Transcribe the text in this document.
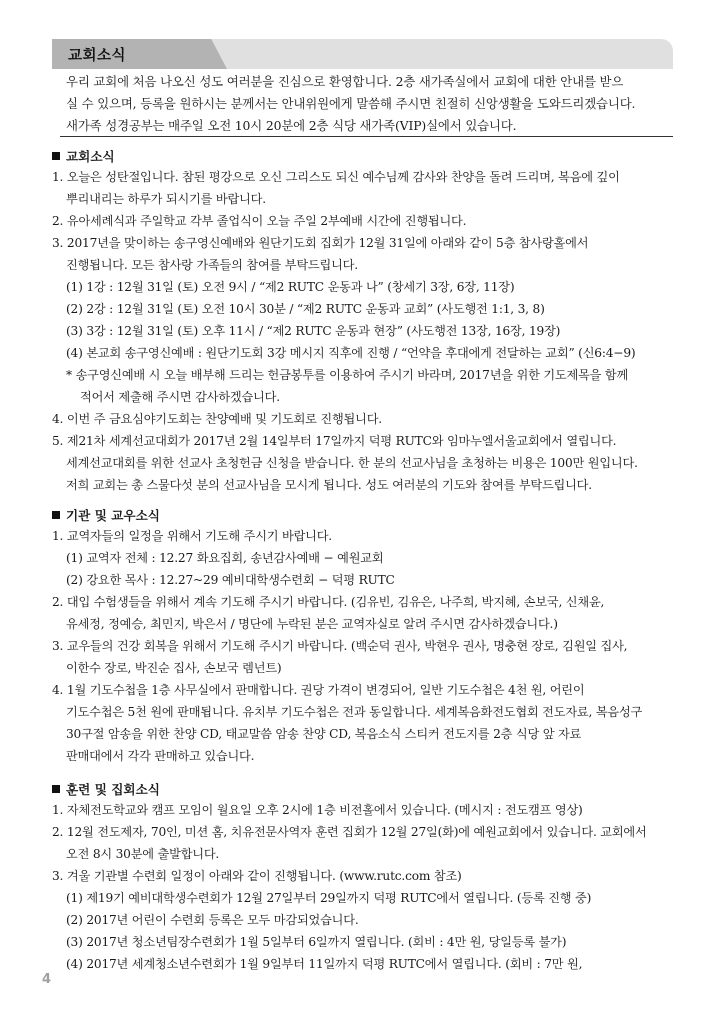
교회소식
우리 교회에 처음 나오신 성도 여러분을 진심으로 환영합니다. 2층 새가족실에서 교회에 대한 안내를 받으
실 수 있으며, 등록을 원하시는 분께서는 안내위원에게 말씀해 주시면 친절히 신앙생활을 도와드리겠습니다.
새가족 성경공부는 매주일 오전 10시 20분에 2층 식당 새가족(VIP)실에서 있습니다.
교회소식
1. 오늘은 성탄절입니다. 참된 평강으로 오신 그리스도 되신 예수님께 감사와 찬양을 돌려 드리며, 복음에 깊이
뿌리내리는 하루가 되시기를 바랍니다.
2. 유아세례식과 주일학교 각부 졸업식이 오늘 주일 2부예배 시간에 진행됩니다.
3. 2017년을 맞이하는 송구영신예배와 원단기도회 집회가 12월 31일에 아래와 같이 5층 참사랑홀에서
진행됩니다. 모든 참사랑 가족들의 참여를 부탁드립니다.
(1) 1강 : 12월 31일 (토) 오전 9시 / “제2 RUTC 운동과 나” (창세기 3장, 6장, 11장)
(2) 2강 : 12월 31일 (토) 오전 10시 30분 / “제2 RUTC 운동과 교회” (사도행전 1:1, 3, 8)
(3) 3강 : 12월 31일 (토) 오후 11시 / “제2 RUTC 운동과 현장” (사도행전 13장, 16장, 19장)
(4) 본교회 송구영신예배 : 원단기도회 3강 메시지 직후에 진행 / “언약을 후대에게 전달하는 교회” (신6:4−9)
* 송구영신예배 시 오늘 배부해 드리는 헌금봉투를 이용하여 주시기 바라며, 2017년을 위한 기도제목을 함께
적어서 제출해 주시면 감사하겠습니다.
4. 이번 주 금요심야기도회는 찬양예배 및 기도회로 진행됩니다.
5. 제21차 세계선교대회가 2017년 2월 14일부터 17일까지 덕평 RUTC와 임마누엘서울교회에서 열립니다.
세계선교대회를 위한 선교사 초청헌금 신청을 받습니다. 한 분의 선교사님을 초청하는 비용은 100만 원입니다.
저희 교회는 총 스물다섯 분의 선교사님을 모시게 됩니다. 성도 여러분의 기도와 참여를 부탁드립니다.
기관 및 교우소식
1. 교역자들의 일정을 위해서 기도해 주시기 바랍니다.
(1) 교역자 전체 : 12.27 화요집회, 송년감사예배 − 예원교회
(2) 강요한 목사 : 12.27~29 예비대학생수련회 − 덕평 RUTC
2. 대입 수험생들을 위해서 계속 기도해 주시기 바랍니다. (김유빈, 김유은, 나주희, 박지혜, 손보국, 신채윤,
유세정, 정예승, 최민지, 박은서 / 명단에 누락된 분은 교역자실로 알려 주시면 감사하겠습니다.)
3. 교우들의 건강 회복을 위해서 기도해 주시기 바랍니다. (백순덕 권사, 박현우 권사, 명충현 장로, 김원일 집사,
이한수 장로, 박진순 집사, 손보국 렘넌트)
4. 1월 기도수첩을 1층 사무실에서 판매합니다. 권당 가격이 변경되어, 일반 기도수첩은 4천 원, 어린이
기도수첩은 5천 원에 판매됩니다. 유치부 기도수첩은 전과 동일합니다. 세계복음화전도협회 전도자료, 복음성구
30구절 암송을 위한 찬양 CD, 태교말씀 암송 찬양 CD, 복음소식 스티커 전도지를 2층 식당 앞 자료
판매대에서 각각 판매하고 있습니다.
훈련 및 집회소식
1. 자체전도학교와 캠프 모임이 월요일 오후 2시에 1층 비전홀에서 있습니다. (메시지 : 전도캠프 영상)
2. 12월 전도제자, 70인, 미션 홈, 치유전문사역자 훈련 집회가 12월 27일(화)에 예원교회에서 있습니다. 교회에서
오전 8시 30분에 출발합니다.
3. 겨울 기관별 수련회 일정이 아래와 같이 진행됩니다. (www.rutc.com 참조)
(1) 제19기 예비대학생수련회가 12월 27일부터 29일까지 덕평 RUTC에서 열립니다. (등록 진행 중)
(2) 2017년 어린이 수련회 등록은 모두 마감되었습니다.
(3) 2017년 청소년팀장수련회가 1월 5일부터 6일까지 열립니다. (회비 : 4만 원, 당일등록 불가)
(4) 2017년 세계청소년수련회가 1월 9일부터 11일까지 덕평 RUTC에서 열립니다. (회비 : 7만 원,
4
